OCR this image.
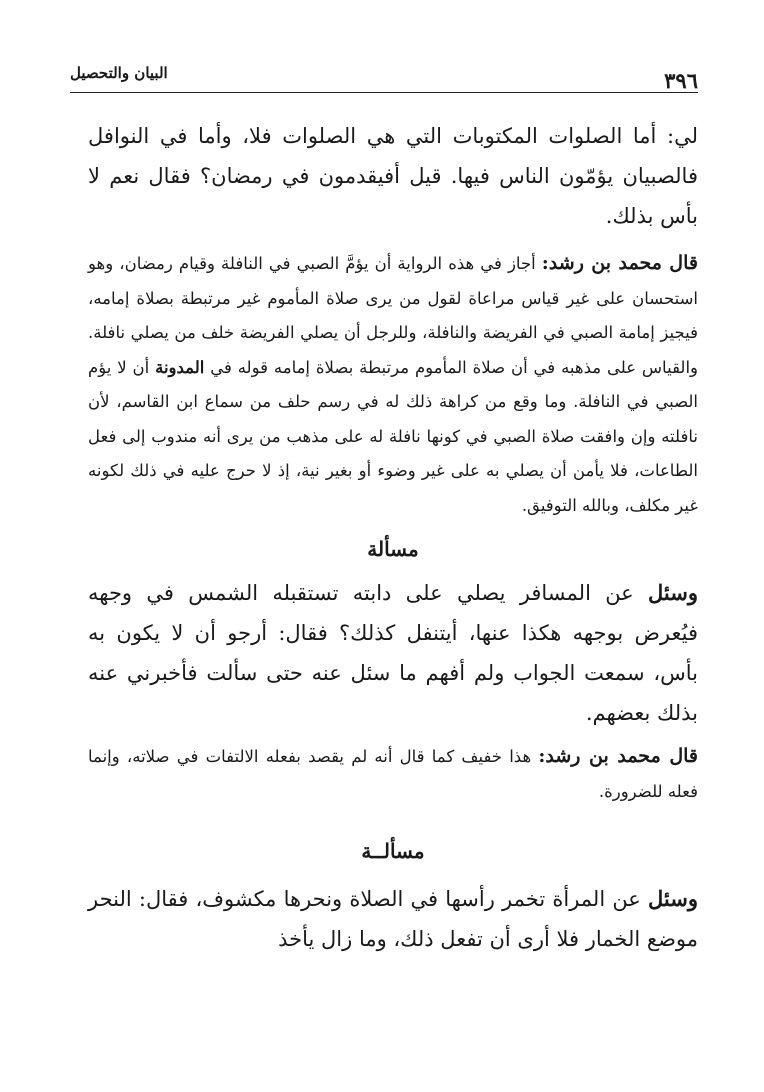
٣٩٦
البيان والتحصيل

لي: أما الصلوات المكتوبات التي هي الصلوات فلا، وأما في النوافل فالصبيان يؤمّون الناس فيها. قيل أفيقدمون في رمضان؟ فقال نعم لا بأس بذلك.

قال محمد بن رشد: أجاز في هذه الرواية أن يؤمَّ الصبي في النافلة وقيام رمضان، وهو استحسان على غير قياس مراعاة لقول من يرى صلاة المأموم غير مرتبطة بصلاة إمامه، فيجيز إمامة الصبي في الفريضة والنافلة، وللرجل أن يصلي الفريضة خلف من يصلي نافلة. والقياس على مذهبه في أن صلاة المأموم مرتبطة بصلاة إمامه قوله في المدونة أن لا يؤم الصبي في النافلة. وما وقع من كراهة ذلك له في رسم حلف من سماع ابن القاسم، لأن نافلته وإن وافقت صلاة الصبي في كونها نافلة له على مذهب من يرى أنه مندوب إلى فعل الطاعات، فلا يأمن أن يصلي به على غير وضوء أو بغير نية، إذ لا حرج عليه في ذلك لكونه غير مكلف، وبالله التوفيق.

مسألة

وسئل عن المسافر يصلي على دابته تستقبله الشمس في وجهه فيُعرض بوجهه هكذا عنها، أيتنفل كذلك؟ فقال: أرجو أن لا يكون به بأس، سمعت الجواب ولم أفهم ما سئل عنه حتى سألت فأخبرني عنه بذلك بعضهم.

قال محمد بن رشد: هذا خفيف كما قال أنه لم يقصد بفعله الالتفات في صلاته، وإنما فعله للضرورة.

مسألــة

وسئل عن المرأة تخمر رأسها في الصلاة ونحرها مكشوف، فقال: النحر موضع الخمار فلا أرى أن تفعل ذلك، وما زال يأخذ
